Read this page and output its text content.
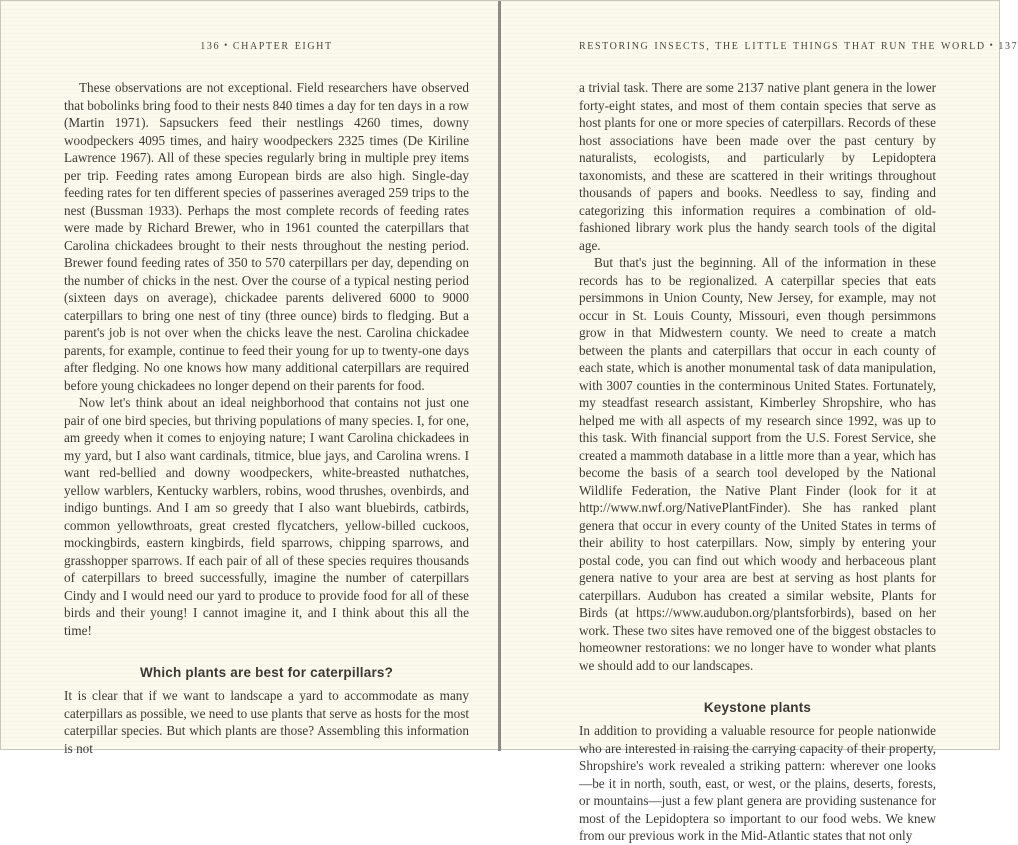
136 • CHAPTER EIGHT

These observations are not exceptional. Field researchers have observed that bobolinks bring food to their nests 840 times a day for ten days in a row (Martin 1971). Sapsuckers feed their nestlings 4260 times, downy woodpeckers 4095 times, and hairy woodpeckers 2325 times (De Kiriline Lawrence 1967). All of these species regularly bring in multiple prey items per trip. Feeding rates among European birds are also high. Single-day feeding rates for ten different species of passerines averaged 259 trips to the nest (Bussman 1933). Perhaps the most complete records of feeding rates were made by Richard Brewer, who in 1961 counted the caterpillars that Carolina chickadees brought to their nests throughout the nesting period. Brewer found feeding rates of 350 to 570 caterpillars per day, depending on the number of chicks in the nest. Over the course of a typical nesting period (sixteen days on average), chickadee parents delivered 6000 to 9000 caterpillars to bring one nest of tiny (three ounce) birds to fledging. But a parent's job is not over when the chicks leave the nest. Carolina chickadee parents, for example, continue to feed their young for up to twenty-one days after fledging. No one knows how many additional caterpillars are required before young chickadees no longer depend on their parents for food.

Now let's think about an ideal neighborhood that contains not just one pair of one bird species, but thriving populations of many species. I, for one, am greedy when it comes to enjoying nature; I want Carolina chickadees in my yard, but I also want cardinals, titmice, blue jays, and Carolina wrens. I want red-bellied and downy woodpeckers, white-breasted nuthatches, yellow warblers, Kentucky warblers, robins, wood thrushes, ovenbirds, and indigo buntings. And I am so greedy that I also want bluebirds, catbirds, common yellowthroats, great crested flycatchers, yellow-billed cuckoos, mockingbirds, eastern kingbirds, field sparrows, chipping sparrows, and grasshopper sparrows. If each pair of all of these species requires thousands of caterpillars to breed successfully, imagine the number of caterpillars Cindy and I would need our yard to produce to provide food for all of these birds and their young! I cannot imagine it, and I think about this all the time!

Which plants are best for caterpillars?

It is clear that if we want to landscape a yard to accommodate as many caterpillars as possible, we need to use plants that serve as hosts for the most caterpillar species. But which plants are those? Assembling this information is not

RESTORING INSECTS, THE LITTLE THINGS THAT RUN THE WORLD • 137

a trivial task. There are some 2137 native plant genera in the lower forty-eight states, and most of them contain species that serve as host plants for one or more species of caterpillars. Records of these host associations have been made over the past century by naturalists, ecologists, and particularly by Lepidoptera taxonomists, and these are scattered in their writings throughout thousands of papers and books. Needless to say, finding and categorizing this information requires a combination of old-fashioned library work plus the handy search tools of the digital age.

But that's just the beginning. All of the information in these records has to be regionalized. A caterpillar species that eats persimmons in Union County, New Jersey, for example, may not occur in St. Louis County, Missouri, even though persimmons grow in that Midwestern county. We need to create a match between the plants and caterpillars that occur in each county of each state, which is another monumental task of data manipulation, with 3007 counties in the conterminous United States. Fortunately, my steadfast research assistant, Kimberley Shropshire, who has helped me with all aspects of my research since 1992, was up to this task. With financial support from the U.S. Forest Service, she created a mammoth database in a little more than a year, which has become the basis of a search tool developed by the National Wildlife Federation, the Native Plant Finder (look for it at http://www.nwf.org/NativePlantFinder). She has ranked plant genera that occur in every county of the United States in terms of their ability to host caterpillars. Now, simply by entering your postal code, you can find out which woody and herbaceous plant genera native to your area are best at serving as host plants for caterpillars. Audubon has created a similar website, Plants for Birds (at https://www.audubon.org/plantsforbirds), based on her work. These two sites have removed one of the biggest obstacles to homeowner restorations: we no longer have to wonder what plants we should add to our landscapes.

Keystone plants

In addition to providing a valuable resource for people nationwide who are interested in raising the carrying capacity of their property, Shropshire's work revealed a striking pattern: wherever one looks—be it in north, south, east, or west, or the plains, deserts, forests, or mountains—just a few plant genera are providing sustenance for most of the Lepidoptera so important to our food webs. We knew from our previous work in the Mid-Atlantic states that not only
